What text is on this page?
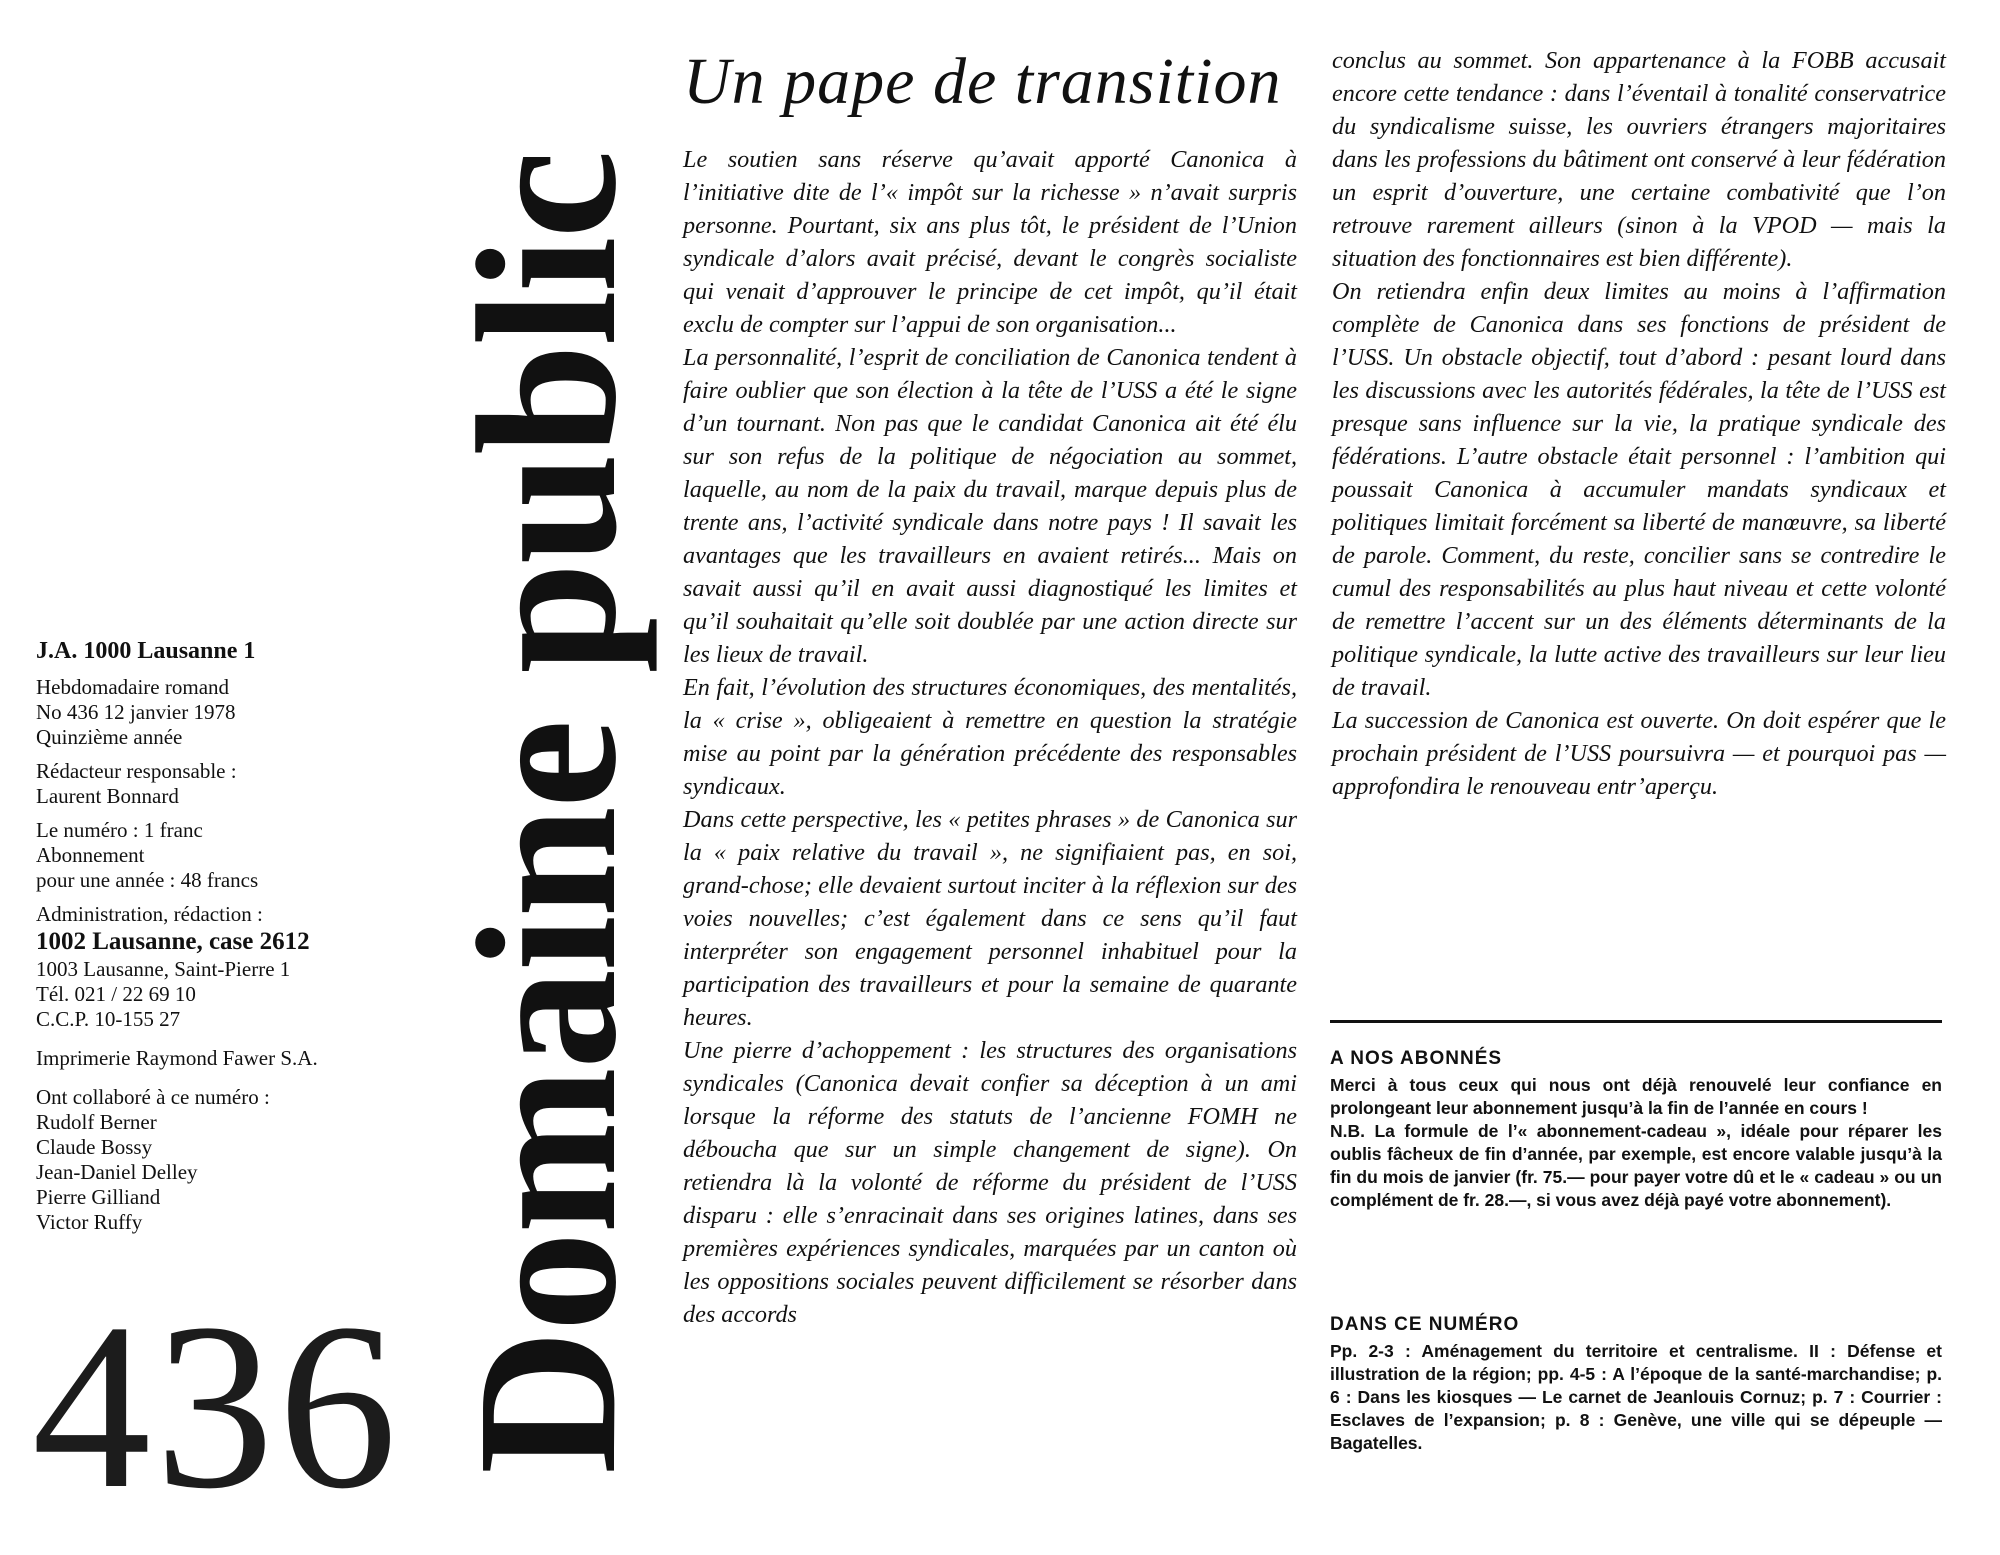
J.A. 1000 Lausanne 1

Hebdomadaire romand

No 436 12 janvier 1978

Quinzième année

Rédacteur responsable :

Laurent Bonnard

Le numéro : 1 franc

Abonnement

pour une année : 48 francs

Administration, rédaction :

1002 Lausanne, case 2612

1003 Lausanne, Saint-Pierre 1

Tél. 021 / 22 69 10

C.C.P. 10-155 27

Imprimerie Raymond Fawer S.A.

Ont collaboré à ce numéro :

Rudolf Berner

Claude Bossy

Jean-Daniel Delley

Pierre Gilliand

Victor Ruffy

436 Domaine public
Un pape de transition

Le soutien sans réserve qu’avait apporté Canonica à l’initiative dite de l’« impôt sur la richesse » n’avait surpris personne. Pourtant, six ans plus tôt, le président de l’Union syndicale d’alors avait précisé, devant le congrès socialiste qui venait d’approuver le principe de cet impôt, qu’il était exclu de compter sur l’appui de son organisation...

La personnalité, l’esprit de conciliation de Canonica tendent à faire oublier que son élection à la tête de l’USS a été le signe d’un tournant. Non pas que le candidat Canonica ait été élu sur son refus de la politique de négociation au sommet, laquelle, au nom de la paix du travail, marque depuis plus de trente ans, l’activité syndicale dans notre pays ! Il savait les avantages que les travailleurs en avaient retirés... Mais on savait aussi qu’il en avait aussi diagnostiqué les limites et qu’il souhaitait qu’elle soit doublée par une action directe sur les lieux de travail.

En fait, l’évolution des structures économiques, des mentalités, la « crise », obligeaient à remettre en question la stratégie mise au point par la génération précédente des responsables syndicaux.

Dans cette perspective, les « petites phrases » de Canonica sur la « paix relative du travail », ne signifiaient pas, en soi, grand-chose; elle devaient surtout inciter à la réflexion sur des voies nouvelles; c’est également dans ce sens qu’il faut interpréter son engagement personnel inhabituel pour la participation des travailleurs et pour la semaine de quarante heures.

Une pierre d’achoppement : les structures des organisations syndicales (Canonica devait confier sa déception à un ami lorsque la réforme des statuts de l’ancienne FOMH ne déboucha que sur un simple changement de signe). On retiendra là la volonté de réforme du président de l’USS disparu : elle s’enracinait dans ses origines latines, dans ses premières expériences syndicales, marquées par un canton où les oppositions sociales peuvent difficilement se résorber dans des accords

conclus au sommet. Son appartenance à la FOBB accusait encore cette tendance : dans l’éventail à tonalité conservatrice du syndicalisme suisse, les ouvriers étrangers majoritaires dans les professions du bâtiment ont conservé à leur fédération un esprit d’ouverture, une certaine combativité que l’on retrouve rarement ailleurs (sinon à la VPOD — mais la situation des fonctionnaires est bien différente).

On retiendra enfin deux limites au moins à l’affirmation complète de Canonica dans ses fonctions de président de l’USS. Un obstacle objectif, tout d’abord : pesant lourd dans les discussions avec les autorités fédérales, la tête de l’USS est presque sans influence sur la vie, la pratique syndicale des fédérations. L’autre obstacle était personnel : l’ambition qui poussait Canonica à accumuler mandats syndicaux et politiques limitait forcément sa liberté de manœuvre, sa liberté de parole. Comment, du reste, concilier sans se contredire le cumul des responsabilités au plus haut niveau et cette volonté de remettre l’accent sur un des éléments déterminants de la politique syndicale, la lutte active des travailleurs sur leur lieu de travail.

La succession de Canonica est ouverte. On doit espérer que le prochain président de l’USS poursuivra — et pourquoi pas — approfondira le renouveau entr’aperçu.

A NOS ABONNÉS

Merci à tous ceux qui nous ont déjà renouvelé leur confiance en prolongeant leur abonnement jusqu’à la fin de l’année en cours !

N.B. La formule de l’« abonnement-cadeau », idéale pour réparer les oublis fâcheux de fin d’année, par exemple, est encore valable jusqu’à la fin du mois de janvier (fr. 75.— pour payer votre dû et le « cadeau » ou un complément de fr. 28.—, si vous avez déjà payé votre abonnement).

DANS CE NUMÉRO

Pp. 2-3 : Aménagement du territoire et centralisme. II : Défense et illustration de la région; pp. 4-5 : A l’époque de la santé-marchandise; p. 6 : Dans les kiosques — Le carnet de Jeanlouis Cornuz; p. 7 : Courrier : Esclaves de l’expansion; p. 8 : Genève, une ville qui se dépeuple — Bagatelles.
